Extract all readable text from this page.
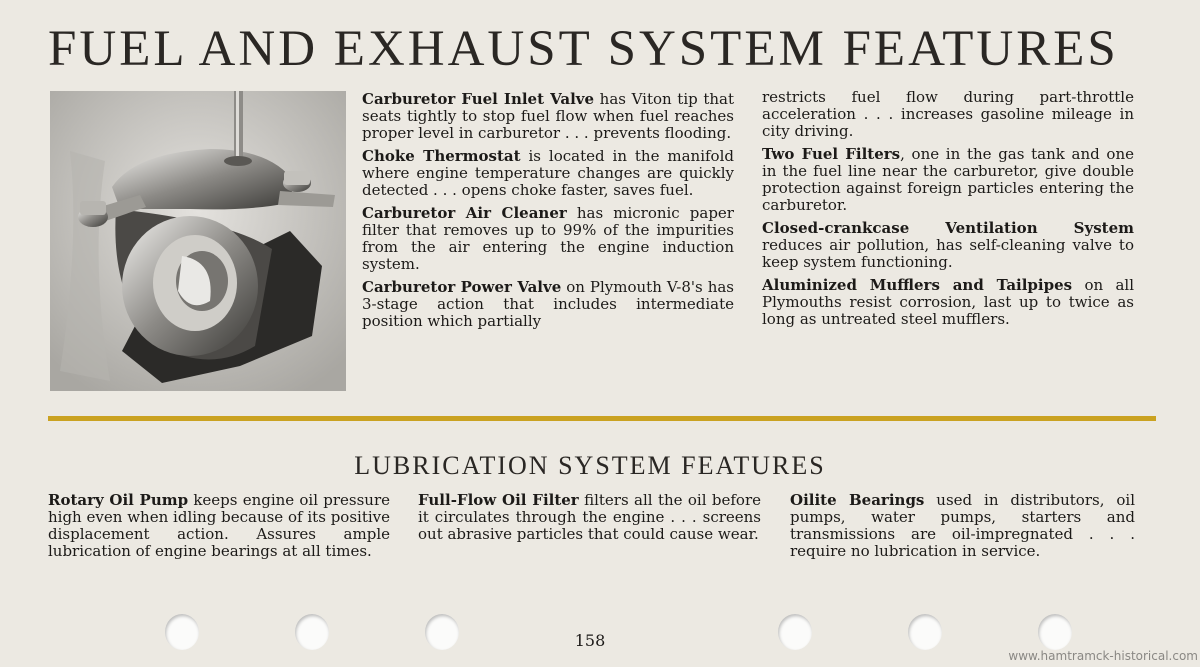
FUEL AND EXHAUST SYSTEM FEATURES

Carburetor Fuel Inlet Valve has Viton tip that seats tightly to stop fuel flow when fuel reaches proper level in carburetor . . . prevents flooding.

Choke Thermostat is located in the manifold where engine temperature changes are quickly detected . . . opens choke faster, saves fuel.

Carburetor Air Cleaner has micronic paper filter that removes up to 99% of the impurities from the air entering the engine induction system.

Carburetor Power Valve on Plymouth V-8's has 3-stage action that includes intermediate position which partially

restricts fuel flow during part-throttle acceleration . . . increases gasoline mileage in city driving.

Two Fuel Filters, one in the gas tank and one in the fuel line near the carburetor, give double protection against foreign particles entering the carburetor.

Closed-crankcase Ventilation System reduces air pollution, has self-cleaning valve to keep system functioning.

Aluminized Mufflers and Tailpipes on all Plymouths resist corrosion, last up to twice as long as untreated steel mufflers.

LUBRICATION SYSTEM FEATURES

Rotary Oil Pump keeps engine oil pressure high even when idling because of its positive displacement action. Assures ample lubrication of engine bearings at all times.

Full-Flow Oil Filter filters all the oil before it circulates through the engine . . . screens out abrasive particles that could cause wear.

Oilite Bearings used in distributors, oil pumps, water pumps, starters and transmissions are oil-impregnated . . . require no lubrication in service.

158
www.hamtramck-historical.com
